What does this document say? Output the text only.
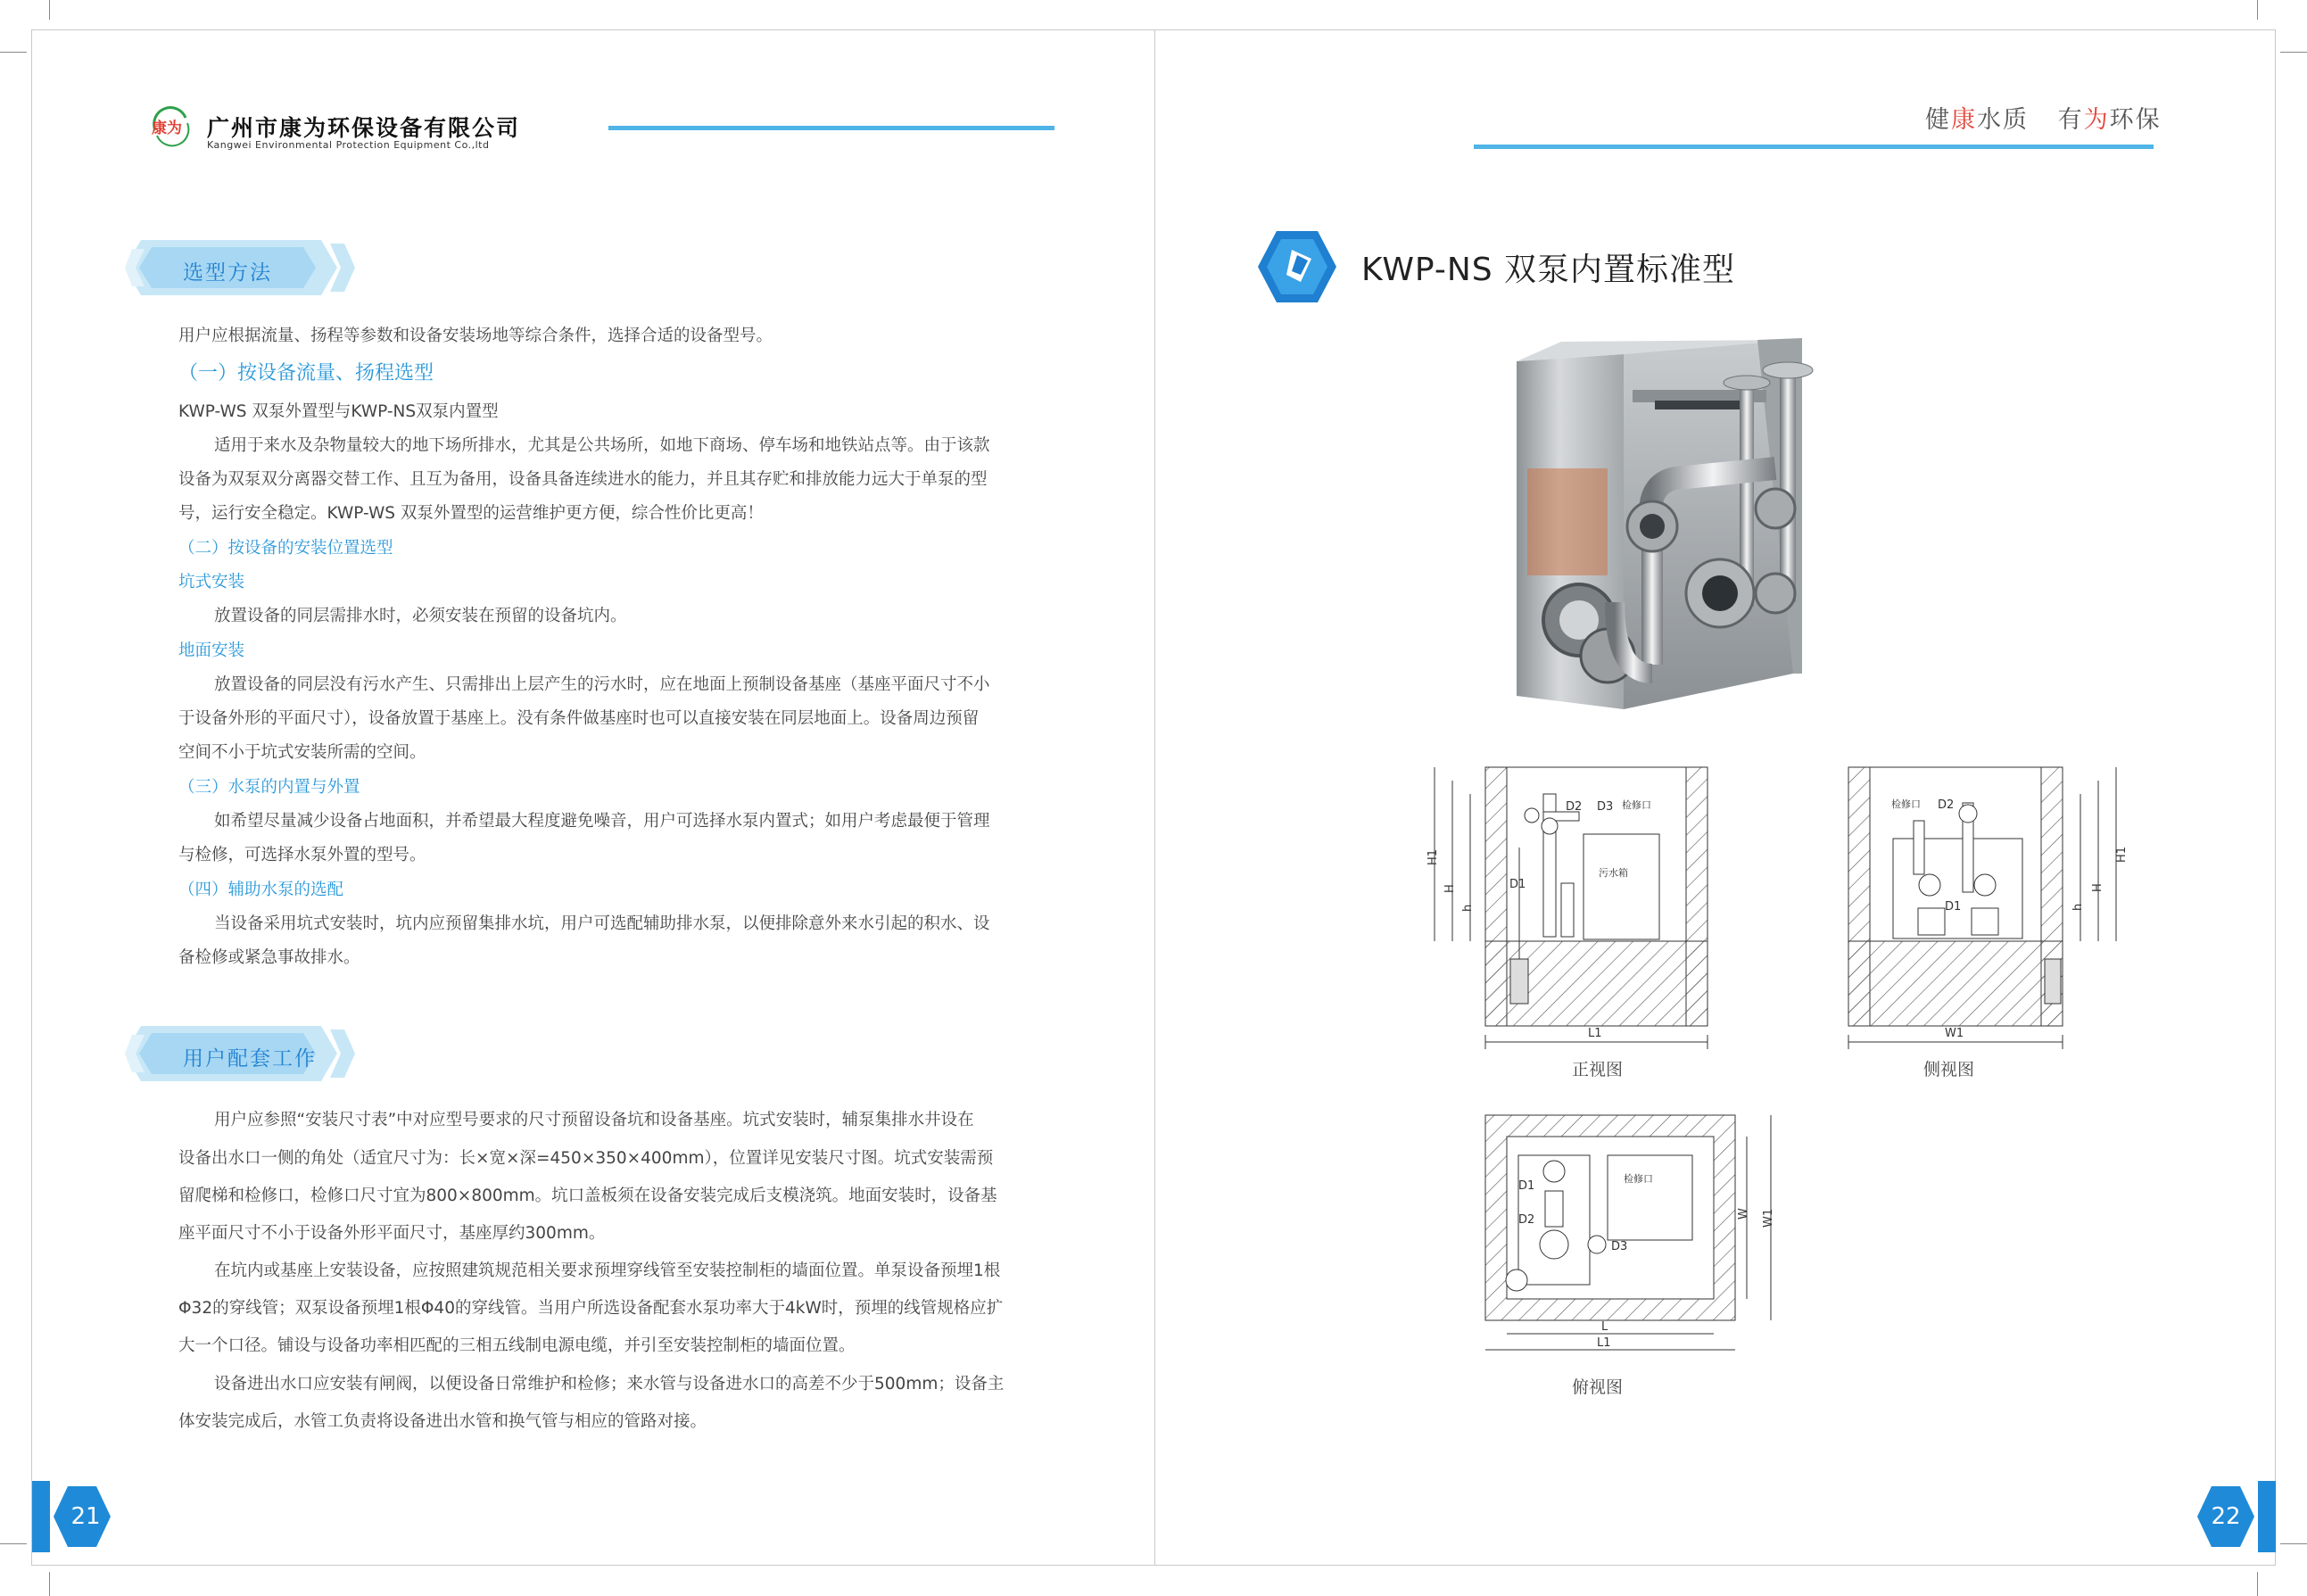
康为 广州市康为环保设备有限公司
Kangwei Environmental Protection Equipment Co.,ltd
选型方法
用户应根据流量、扬程等参数和设备安装场地等综合条件，选择合适的设备型号。
（一）按设备流量、扬程选型
KWP-WS 双泵外置型与KWP-NS双泵内置型
适用于来水及杂物量较大的地下场所排水，尤其是公共场所，如地下商场、停车场和地铁站点等。由于该款
设备为双泵双分离器交替工作、且互为备用，设备具备连续进水的能力，并且其存贮和排放能力远大于单泵的型
号，运行安全稳定。KWP-WS 双泵外置型的运营维护更方便，综合性价比更高！
（二）按设备的安装位置选型
坑式安装
放置设备的同层需排水时，必须安装在预留的设备坑内。
地面安装
放置设备的同层没有污水产生、只需排出上层产生的污水时，应在地面上预制设备基座（基座平面尺寸不小
于设备外形的平面尺寸），设备放置于基座上。没有条件做基座时也可以直接安装在同层地面上。设备周边预留
空间不小于坑式安装所需的空间。
（三）水泵的内置与外置
如希望尽量减少设备占地面积，并希望最大程度避免噪音，用户可选择水泵内置式；如用户考虑最便于管理
与检修，可选择水泵外置的型号。
（四）辅助水泵的选配
当设备采用坑式安装时，坑内应预留集排水坑，用户可选配辅助排水泵，以便排除意外来水引起的积水、设
备检修或紧急事故排水。
用户配套工作
用户应参照“安装尺寸表”中对应型号要求的尺寸预留设备坑和设备基座。坑式安装时，辅泵集排水井设在
设备出水口一侧的角处（适宜尺寸为：长×宽×深=450×350×400mm），位置详见安装尺寸图。坑式安装需预
留爬梯和检修口，检修口尺寸宜为800×800mm。坑口盖板须在设备安装完成后支模浇筑。地面安装时，设备基
座平面尺寸不小于设备外形平面尺寸，基座厚约300mm。
在坑内或基座上安装设备，应按照建筑规范相关要求预埋穿线管至安装控制柜的墙面位置。单泵设备预埋1根
Φ32的穿线管；双泵设备预埋1根Φ40的穿线管。当用户所选设备配套水泵功率大于4kW时，预埋的线管规格应扩
大一个口径。铺设与设备功率相匹配的三相五线制电源电缆，并引至安装控制柜的墙面位置。
设备进出水口应安装有闸阀，以便设备日常维护和检修；来水管与设备进水口的高差不少于500mm；设备主
体安装完成后，水管工负责将设备进出水管和换气管与相应的管路对接。
21
健康水质 有为环保
KWP-NS 双泵内置标准型
污水箱
D2 D3 检修口
D1
H1
H
h
L1
正视图
检修口 D2
D1	h
H
H1
W1
侧视图
检修口
D1
D2
D3
W W1
L
L1
俯视图
22
